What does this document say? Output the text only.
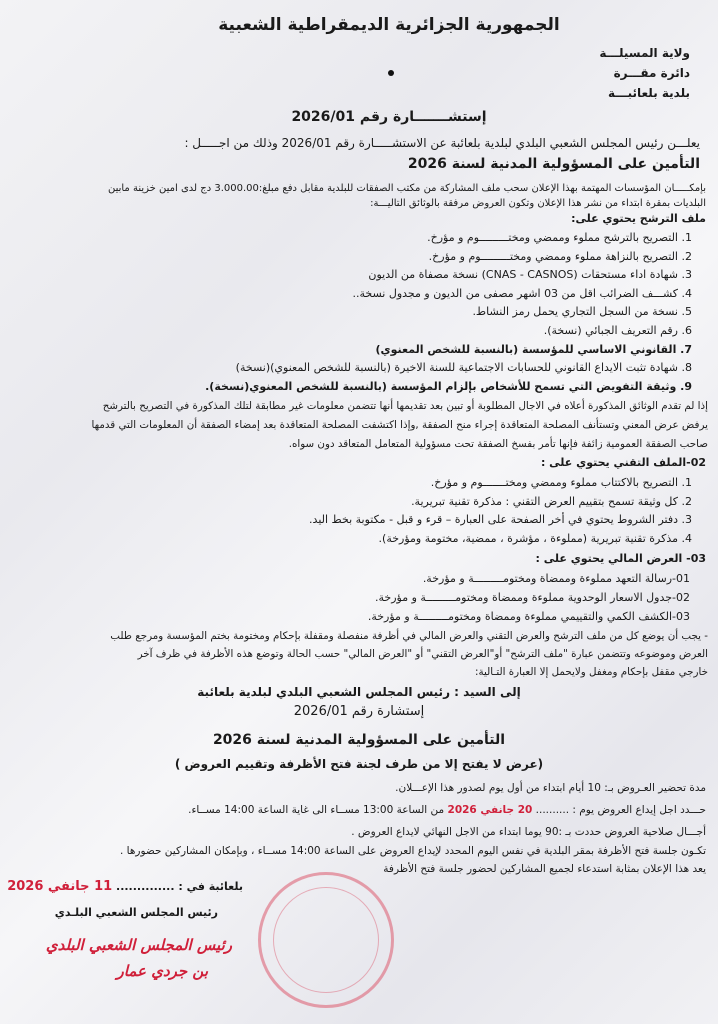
الجمهورية الجزائرية الديمقراطية الشعبية
ولاية المسيلـــة
دائرة مقـــرة
بلدية بلعائبـــة
إستشـــــــارة رقم 2026/01
يعلـــن رئيس المجلس الشعبي البلدي لبلدية بلعائبة عن الاستشـــــارة رقم 2026/01 وذلك من اجـــــل :
التأمين على المسؤولية المدنية لسنة 2026
بإمكـــــان المؤسسات المهتمة بهذا الإعلان سحب ملف المشاركة من مكتب الصفقات للبلدية مقابل دفع مبلغ:3.000.00 دج لدى امين خزينة مابين
البلديات بمقرة ابتداء من نشر هذا الإعلان وتكون العروض مرفقة بالوثائق التاليـــة:
ملف الترشح يحتوي على:
1. التصريح بالترشح مملوء وممضي ومختـــــــــوم و مؤرخ.
2. التصريح بالنزاهة مملوء وممضي ومختـــــــــوم و مؤرخ.
3. شهادة اداء مستحقات (CNAS - CASNOS) نسخة مصفاة من الديون
4. كشـــف الضرائب اقل من 03 اشهر مصفى من الديون و مجدول نسخة..
5. نسخة من السجل التجاري يحمل رمز النشاط.
6. رقم التعريف الجبائي (نسخة).
7. القانوني الاساسي للمؤسسة (بالنسبة للشخص المعنوي)
8. شهادة تثبت الايداع القانوني للحسابات الاجتماعية للسنة الاخيرة (بالنسبة للشخص المعنوي)(نسخة)
9. وثيقة التفويض التي تسمح للأشخاص بإلزام المؤسسة (بالنسبة للشخص المعنوي(نسخة).
إذا لم تقدم الوثائق المذكورة أعلاه في الاجال المطلوبة أو تبين بعد تقديمها أنها تتضمن معلومات غير مطابقة لتلك المذكورة في التصريح بالترشح
يرفض عرض المعني وتستأنف المصلحة المتعاقدة إجراء منح الصفقة ,وإذا اكتشفت المصلحة المتعاقدة بعد إمضاء الصفقة أن المعلومات التي قدمها
صاحب الصفقة العمومية زائفة فإنها تأمر بفسخ الصفقة تحت مسؤولية المتعامل المتعاقد دون سواه.
02-الملف التقني يحتوي على :
1. التصريح بالاكتتاب مملوء وممضي ومختـــــــوم و مؤرخ.
2. كل وثيقة تسمح بتقييم العرض التقني : مذكرة تقنية تبريرية.
3. دفتر الشروط يحتوي في أخر الصفحة على العبارة – قرء و قبل - مكتوبة بخط اليد.
4. مذكرة تقنية تبريرية (مملوءة ، مؤشرة ، ممضية، مختومة ومؤرخة).
03- العرض المالي يحتوي على :
01-رسالة التعهد مملوءة وممضاة ومختومـــــــــة و مؤرخة.
02-جدول الاسعار الوحدوية مملوءة وممضاة ومختومـــــــــة و مؤرخة.
03-الكشف الكمي والتقييمي مملوءة وممضاة ومختومـــــــــة و مؤرخة.
- يجب أن يوضع كل من ملف الترشح والعرض التقني والعرض المالي في أظرفة منفصلة ومقفلة بإحكام ومختومة بختم المؤسسة ومرجع طلب
العرض وموضوعه وتتضمن عبارة "ملف الترشح" أو"العرض التقني" أو "العرض المالي" حسب الحالة وتوضع هذه الأظرفة في ظرف آخر
خارجي مقفل بإحكام ومغفل ولايحمل إلا العبارة التـالية:
إلى السيد : رئيس المجلس الشعبي البلدي لبلدية بلعائبة
إستشارة رقم 2026/01
التأمين على المسؤولية المدنية لسنة 2026
(عرض لا يفتح إلا من طرف لجنة فتح الأظرفة وتقييم العروض )
مدة تحضير العـروض بـ: 10 أيام ابتداء من أول يوم لصدور هذا الإعـــلان.
حـــدد اجل إيداع العروض يوم : .......... 20 جانفي 2026 من الساعة 13:00 مســاء الى غاية الساعة 14:00 مســاء.
أجـــال صلاحية العروض حددت بـ :90 يوما ابتداء من الاجل النهائي لايداع العروض .
تكـون جلسة فتح الأظرفة بمقر البلدية في نفس اليوم المحدد لإيداع العروض على الساعة 14:00 مســاء ، وبإمكان المشاركين حضورها .
يعد هذا الإعلان بمثابة استدعاء لجميع المشاركين لحضور جلسة فتح الأظرفة
بلعائبة في : .............. 11 جانفي 2026
رئيس المجلس الشعبي البلـدي
رئيس المجلس الشعبي البلدي
بن جردي عمار
